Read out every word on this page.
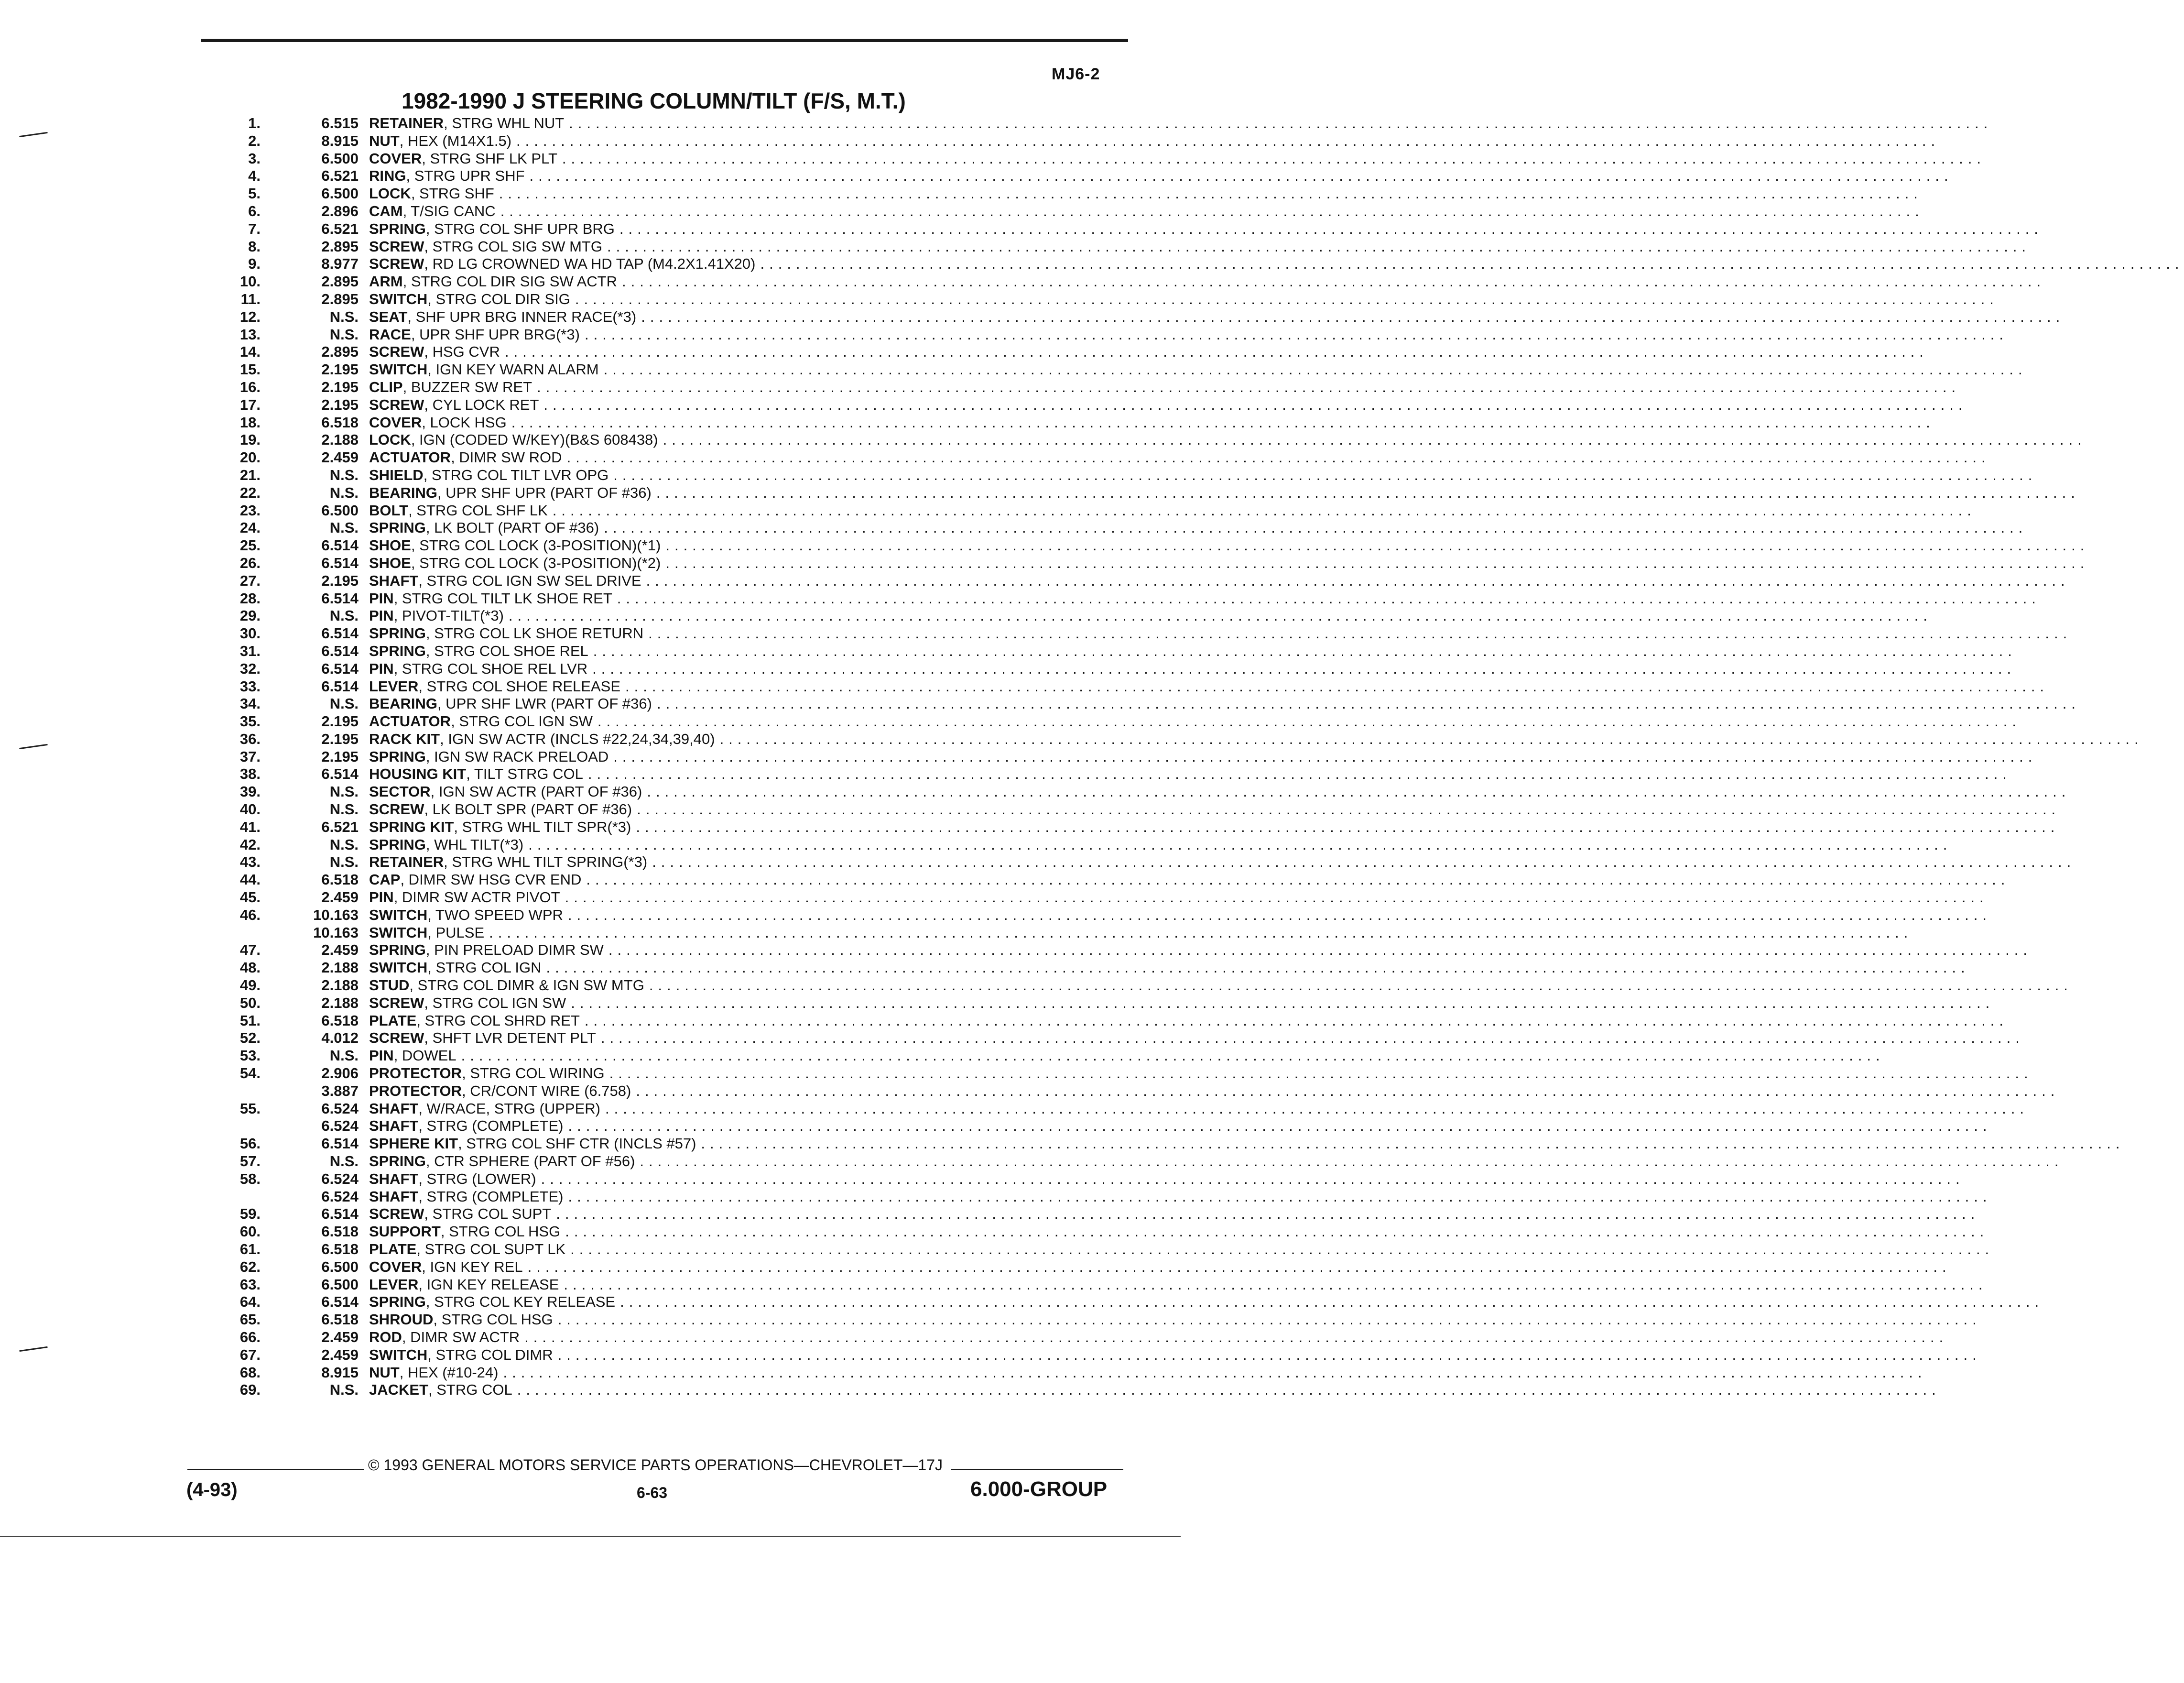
MJ6-2
1982-1990 J STEERING COLUMN/TILT (F/S, M.T.)
1.	6.515 RETAINER , STRG WHL NUT ................................................................................................................................................................
2.	8.915 NUT , HEX (M14X1.5) ................................................................................................................................................................
3.	6.500 COVER , STRG SHF LK PLT ................................................................................................................................................................
4.	6.521 RING , STRG UPR SHF ................................................................................................................................................................
5.	6.500 LOCK , STRG SHF ................................................................................................................................................................
6.	2.896 CAM , T/SIG CANC ................................................................................................................................................................
7.	6.521 SPRING , STRG COL SHF UPR BRG ................................................................................................................................................................
8.	2.895 SCREW , STRG COL SIG SW MTG ................................................................................................................................................................
9.	8.977 SCREW , RD LG CROWNED WA HD TAP (M4.2X1.41X20) ................................................................................................................................................................
10.	2.895 ARM , STRG COL DIR SIG SW ACTR ................................................................................................................................................................
11.	2.895 SWITCH , STRG COL DIR SIG ................................................................................................................................................................
12.	N.S. SEAT , SHF UPR BRG INNER RACE(*3) ................................................................................................................................................................
13.	N.S. RACE , UPR SHF UPR BRG(*3) ................................................................................................................................................................
14.	2.895 SCREW , HSG CVR ................................................................................................................................................................
15.	2.195 SWITCH , IGN KEY WARN ALARM ................................................................................................................................................................
16.	2.195 CLIP , BUZZER SW RET ................................................................................................................................................................
17.	2.195 SCREW , CYL LOCK RET ................................................................................................................................................................
18.	6.518 COVER , LOCK HSG ................................................................................................................................................................
19.	2.188 LOCK , IGN (CODED W/KEY)(B&S 608438) ................................................................................................................................................................
20.	2.459 ACTUATOR , DIMR SW ROD ................................................................................................................................................................
21.	N.S. SHIELD , STRG COL TILT LVR OPG ................................................................................................................................................................
22.	N.S. BEARING , UPR SHF UPR (PART OF #36) ................................................................................................................................................................
23.	6.500 BOLT , STRG COL SHF LK ................................................................................................................................................................
24.	N.S. SPRING , LK BOLT (PART OF #36) ................................................................................................................................................................
25.	6.514 SHOE , STRG COL LOCK (3-POSITION)(*1) ................................................................................................................................................................
26.	6.514 SHOE , STRG COL LOCK (3-POSITION)(*2) ................................................................................................................................................................
27.	2.195 SHAFT , STRG COL IGN SW SEL DRIVE ................................................................................................................................................................
28.	6.514 PIN , STRG COL TILT LK SHOE RET ................................................................................................................................................................
29.	N.S. PIN , PIVOT-TILT(*3) ................................................................................................................................................................
30.	6.514 SPRING , STRG COL LK SHOE RETURN ................................................................................................................................................................
31.	6.514 SPRING , STRG COL SHOE REL ................................................................................................................................................................
32.	6.514 PIN , STRG COL SHOE REL LVR ................................................................................................................................................................
33.	6.514 LEVER , STRG COL SHOE RELEASE ................................................................................................................................................................
34.	N.S. BEARING , UPR SHF LWR (PART OF #36) ................................................................................................................................................................
35.	2.195 ACTUATOR , STRG COL IGN SW ................................................................................................................................................................
36.	2.195 RACK KIT , IGN SW ACTR (INCLS #22,24,34,39,40) ................................................................................................................................................................
37.	2.195 SPRING , IGN SW RACK PRELOAD ................................................................................................................................................................
38.	6.514 HOUSING KIT , TILT STRG COL ................................................................................................................................................................
39.	N.S. SECTOR , IGN SW ACTR (PART OF #36) ................................................................................................................................................................
40.	N.S. SCREW , LK BOLT SPR (PART OF #36) ................................................................................................................................................................
41.	6.521 SPRING KIT , STRG WHL TILT SPR(*3) ................................................................................................................................................................
42.	N.S. SPRING , WHL TILT(*3) ................................................................................................................................................................
43.	N.S. RETAINER , STRG WHL TILT SPRING(*3) ................................................................................................................................................................
44.	6.518 CAP , DIMR SW HSG CVR END ................................................................................................................................................................
45.	2.459 PIN , DIMR SW ACTR PIVOT ................................................................................................................................................................
46.	10.163 SWITCH , TWO SPEED WPR ................................................................................................................................................................
10.163 SWITCH , PULSE ................................................................................................................................................................
47.	2.459 SPRING , PIN PRELOAD DIMR SW ................................................................................................................................................................
48.	2.188 SWITCH , STRG COL IGN ................................................................................................................................................................
49.	2.188 STUD , STRG COL DIMR & IGN SW MTG ................................................................................................................................................................
50.	2.188 SCREW , STRG COL IGN SW ................................................................................................................................................................
51.	6.518 PLATE , STRG COL SHRD RET ................................................................................................................................................................
52.	4.012 SCREW , SHFT LVR DETENT PLT ................................................................................................................................................................
53.	N.S. PIN , DOWEL ................................................................................................................................................................
54.	2.906 PROTECTOR , STRG COL WIRING ................................................................................................................................................................
3.887 PROTECTOR , CR/CONT WIRE (6.758) ................................................................................................................................................................
55.	6.524 SHAFT , W/RACE, STRG (UPPER) ................................................................................................................................................................
6.524 SHAFT , STRG (COMPLETE) ................................................................................................................................................................
56.	6.514 SPHERE KIT , STRG COL SHF CTR (INCLS #57) ................................................................................................................................................................
57.	N.S. SPRING , CTR SPHERE (PART OF #56) ................................................................................................................................................................
58.	6.524 SHAFT , STRG (LOWER) ................................................................................................................................................................
6.524 SHAFT , STRG (COMPLETE) ................................................................................................................................................................
59.	6.514 SCREW , STRG COL SUPT ................................................................................................................................................................
60.	6.518 SUPPORT , STRG COL HSG ................................................................................................................................................................
61.	6.518 PLATE , STRG COL SUPT LK ................................................................................................................................................................
62.	6.500 COVER , IGN KEY REL ................................................................................................................................................................
63.	6.500 LEVER , IGN KEY RELEASE ................................................................................................................................................................
64.	6.514 SPRING , STRG COL KEY RELEASE ................................................................................................................................................................
65.	6.518 SHROUD , STRG COL HSG ................................................................................................................................................................
66.	2.459 ROD , DIMR SW ACTR ................................................................................................................................................................
67.	2.459 SWITCH , STRG COL DIMR ................................................................................................................................................................
68.	8.915 NUT , HEX (#10-24) ................................................................................................................................................................
69.	N.S. JACKET , STRG COL ................................................................................................................................................................
© 1993 GENERAL MOTORS SERVICE PARTS OPERATIONS—CHEVROLET—17J
(4-93)	6-63	6.000-GROUP
